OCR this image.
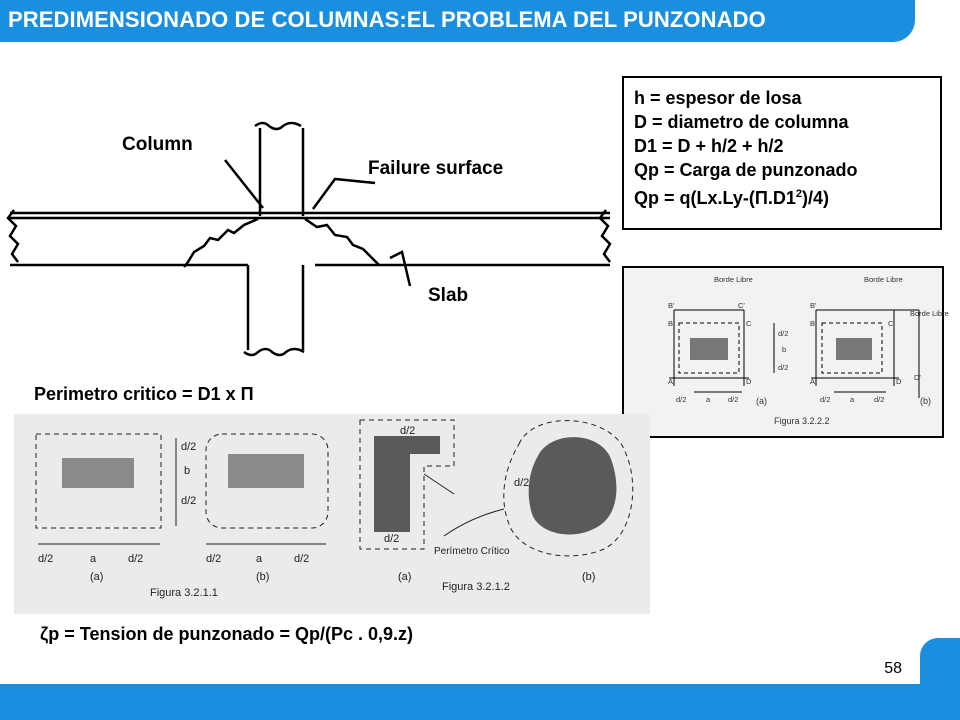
PREDIMENSIONADO DE COLUMNAS:EL PROBLEMA DEL PUNZONADO
Column
Failure surface
Slab
h = espesor de losa
D = diametro de columna
D1 = D + h/2 + h/2
Qp = Carga de punzonado
$Qp = q(Lx.Ly-(\Pi.D1^2)/4)$
B'	C'
B	C
A	D
B'
B	C
A	D D'
Borde Libre	Borde Libre
Borde Libre
d/2
b
d/2
d/2	a d/2	d/2	a	d/2
(a)	(b)
Figura 3.2.2.2
Perimetro critico = D1 x Π
d/2
b
d/2
d/2	a	d/2	d/2	a	d/2
d/2
d/2
d/2
(a)	(b)	(a)	(b)
Perímetro Crítico
Figura 3.2.1.1	Figura 3.2.1.2
ζp = Tension de punzonado = Qp/(Pc . 0,9.z)
58
